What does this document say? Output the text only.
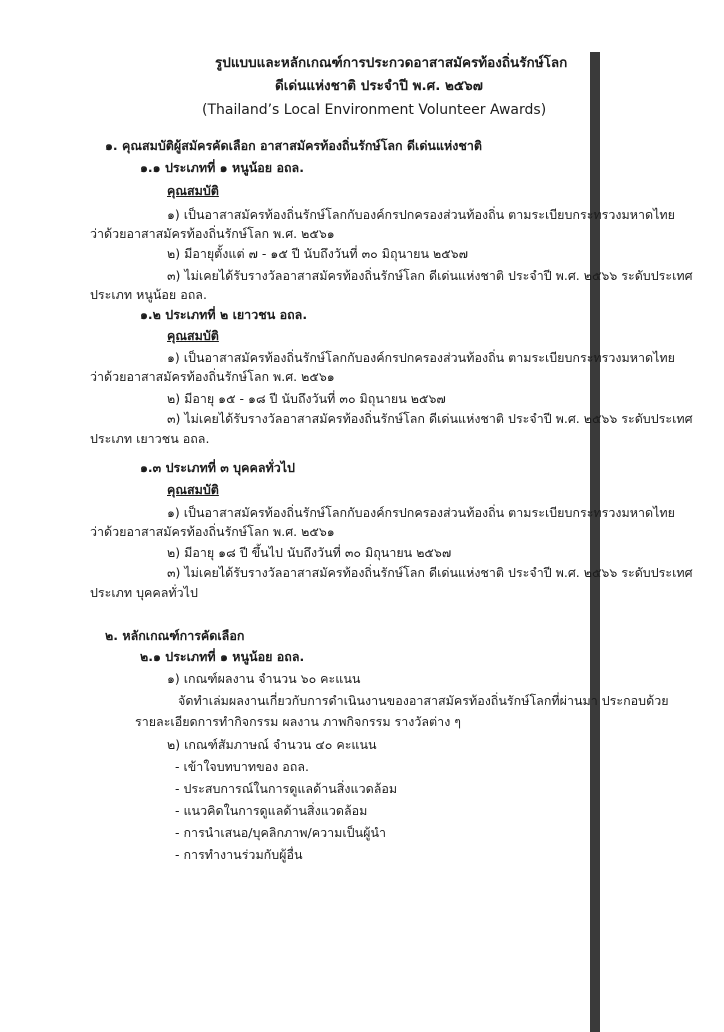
รูปแบบและหลักเกณฑ์การประกวดอาสาสมัครท้องถิ่นรักษ์โลก
ดีเด่นแห่งชาติ ประจำปี พ.ศ. ๒๕๖๗
(Thailand’s Local Environment Volunteer Awards)
๑. คุณสมบัติผู้สมัครคัดเลือก อาสาสมัครท้องถิ่นรักษ์โลก ดีเด่นแห่งชาติ
๑.๑ ประเภทที่ ๑ หนูน้อย อถล.
คุณสมบัติ
๑) เป็นอาสาสมัครท้องถิ่นรักษ์โลกกับองค์กรปกครองส่วนท้องถิ่น ตามระเบียบกระทรวงมหาดไทย
ว่าด้วยอาสาสมัครท้องถิ่นรักษ์โลก พ.ศ. ๒๕๖๑
๒) มีอายุตั้งแต่ ๗ - ๑๕ ปี นับถึงวันที่ ๓๐ มิถุนายน ๒๕๖๗
๓) ไม่เคยได้รับรางวัลอาสาสมัครท้องถิ่นรักษ์โลก ดีเด่นแห่งชาติ ประจำปี พ.ศ. ๒๕๖๖ ระดับประเทศ
ประเภท หนูน้อย อถล.
๑.๒ ประเภทที่ ๒ เยาวชน อถล.
คุณสมบัติ
๑) เป็นอาสาสมัครท้องถิ่นรักษ์โลกกับองค์กรปกครองส่วนท้องถิ่น ตามระเบียบกระทรวงมหาดไทย
ว่าด้วยอาสาสมัครท้องถิ่นรักษ์โลก พ.ศ. ๒๕๖๑
๒) มีอายุ ๑๕ - ๑๘ ปี นับถึงวันที่ ๓๐ มิถุนายน ๒๕๖๗
๓) ไม่เคยได้รับรางวัลอาสาสมัครท้องถิ่นรักษ์โลก ดีเด่นแห่งชาติ ประจำปี พ.ศ. ๒๕๖๖ ระดับประเทศ
ประเภท เยาวชน อถล.
๑.๓ ประเภทที่ ๓ บุคคลทั่วไป
คุณสมบัติ
๑) เป็นอาสาสมัครท้องถิ่นรักษ์โลกกับองค์กรปกครองส่วนท้องถิ่น ตามระเบียบกระทรวงมหาดไทย
ว่าด้วยอาสาสมัครท้องถิ่นรักษ์โลก พ.ศ. ๒๕๖๑
๒) มีอายุ ๑๘ ปี ขึ้นไป นับถึงวันที่ ๓๐ มิถุนายน ๒๕๖๗
๓) ไม่เคยได้รับรางวัลอาสาสมัครท้องถิ่นรักษ์โลก ดีเด่นแห่งชาติ ประจำปี พ.ศ. ๒๕๖๖ ระดับประเทศ
ประเภท บุคคลทั่วไป
๒. หลักเกณฑ์การคัดเลือก
๒.๑ ประเภทที่ ๑ หนูน้อย อถล.
๑) เกณฑ์ผลงาน จำนวน ๖๐ คะแนน
จัดทำเล่มผลงานเกี่ยวกับการดำเนินงานของอาสาสมัครท้องถิ่นรักษ์โลกที่ผ่านมา ประกอบด้วย
รายละเอียดการทำกิจกรรม ผลงาน ภาพกิจกรรม รางวัลต่าง ๆ
๒) เกณฑ์สัมภาษณ์ จำนวน ๔๐ คะแนน
- เข้าใจบทบาทของ อถล.
- ประสบการณ์ในการดูแลด้านสิ่งแวดล้อม
- แนวคิดในการดูแลด้านสิ่งแวดล้อม
- การนำเสนอ/บุคลิกภาพ/ความเป็นผู้นำ
- การทำงานร่วมกับผู้อื่น
